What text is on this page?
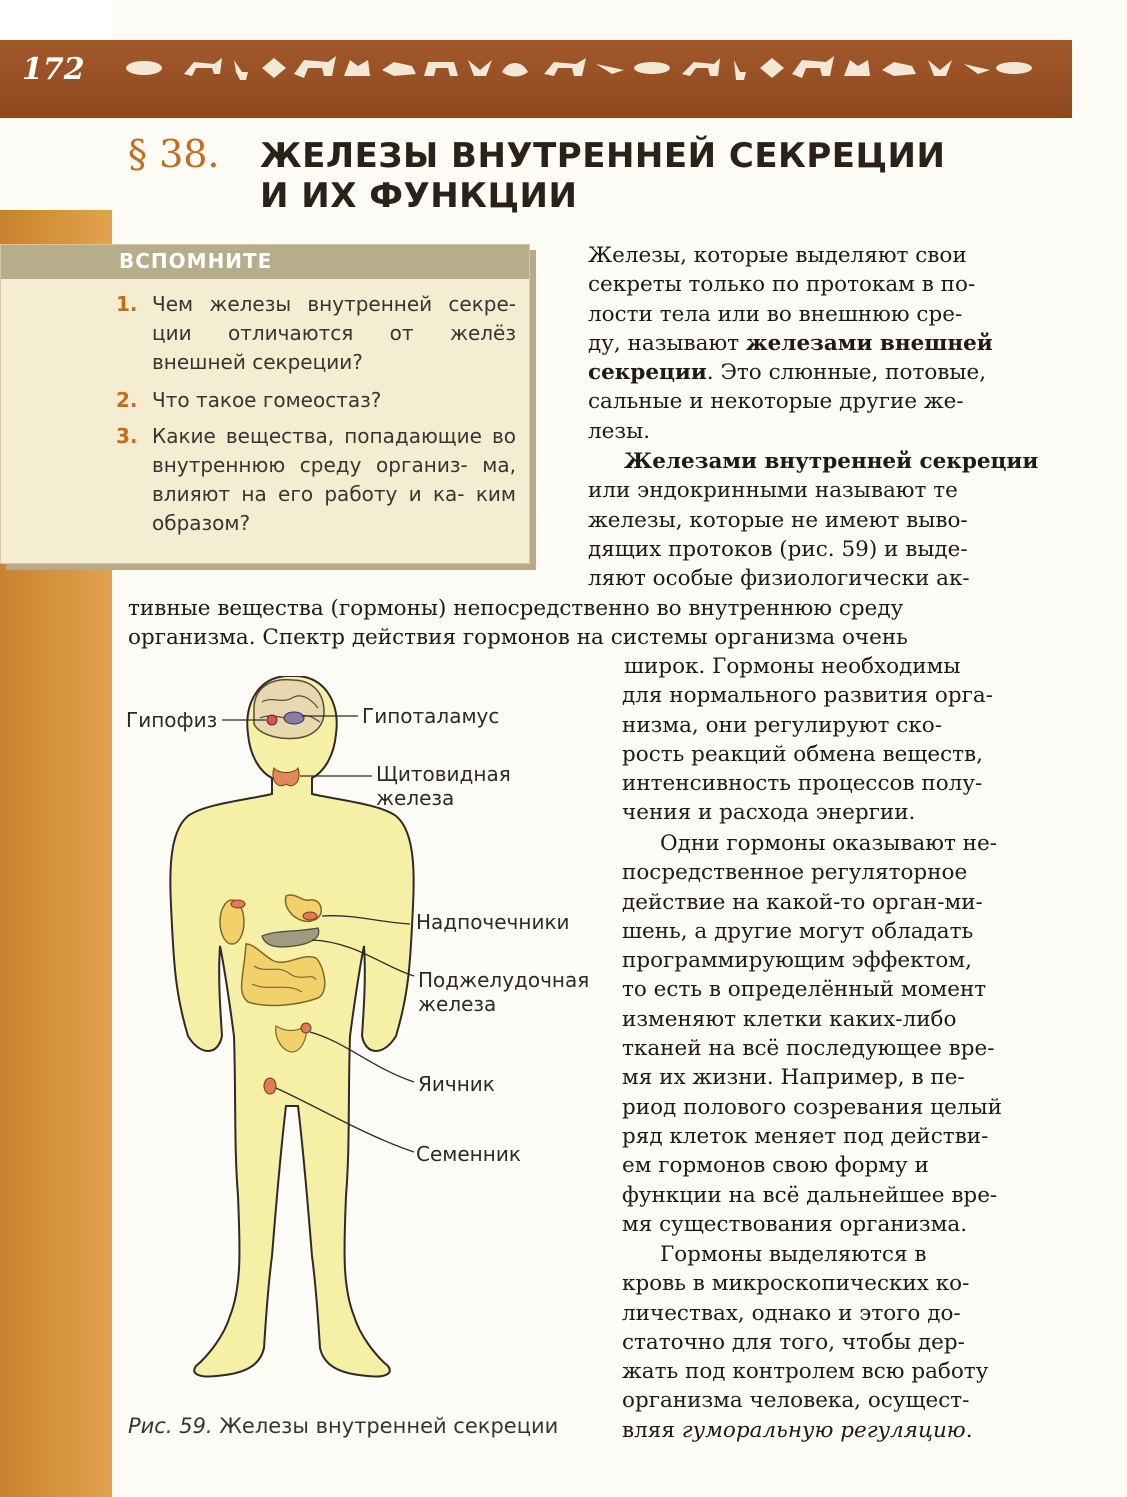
172
§ 38. ЖЕЛЕЗЫ ВНУТРЕННЕЙ СЕКРЕЦИИ
И ИХ ФУНКЦИИ
ВСПОМНИТЕ
1. Чем железы внутренней секре- ции отличаются от желёз внешней секреции?
2. Что такое гомеостаз?
3. Какие вещества, попадающие во внутреннюю среду организ- ма, влияют на его работу и ка- ким образом?
Железы, которые выделяют свои
секреты только по протокам в по-
лости тела или во внешнюю сре-
ду, называют железами внешней
секреции. Это слюнные, потовые,
сальные и некоторые другие же-
лезы.
Железами внутренней секреции
или эндокринными называют те
железы, которые не имеют выво-
дящих протоков (рис. 59) и выде-
ляют особые физиологически ак-
тивные вещества (гормоны) непосредственно во внутреннюю среду
организма. Спектр действия гормонов на системы организма очень
широк. Гормоны необходимы
для нормального развития орга-
низма, они регулируют ско-
рость реакций обмена веществ,
интенсивность процессов полу-
чения и расхода энергии.
Одни гормоны оказывают не-
посредственное регуляторное
действие на какой-то орган-ми-
шень, а другие могут обладать
программирующим эффектом,
то есть в определённый момент
изменяют клетки каких-либо
тканей на всё последующее вре-
мя их жизни. Например, в пе-
риод полового созревания целый
ряд клеток меняет под действи-
ем гормонов свою форму и
функции на всё дальнейшее вре-
мя существования организма.
Гормоны выделяются в
кровь в микроскопических ко-
личествах, однако и этого до-
статочно для того, чтобы дер-
жать под контролем всю работу
организма человека, осущест-
вляя гуморальную регуляцию.
Гипофиз	Гипоталамус
Щитовидная
железа
Надпочечники
Поджелудочная
железа
Яичник
Семенник
Рис. 59. Железы внутренней секреции
